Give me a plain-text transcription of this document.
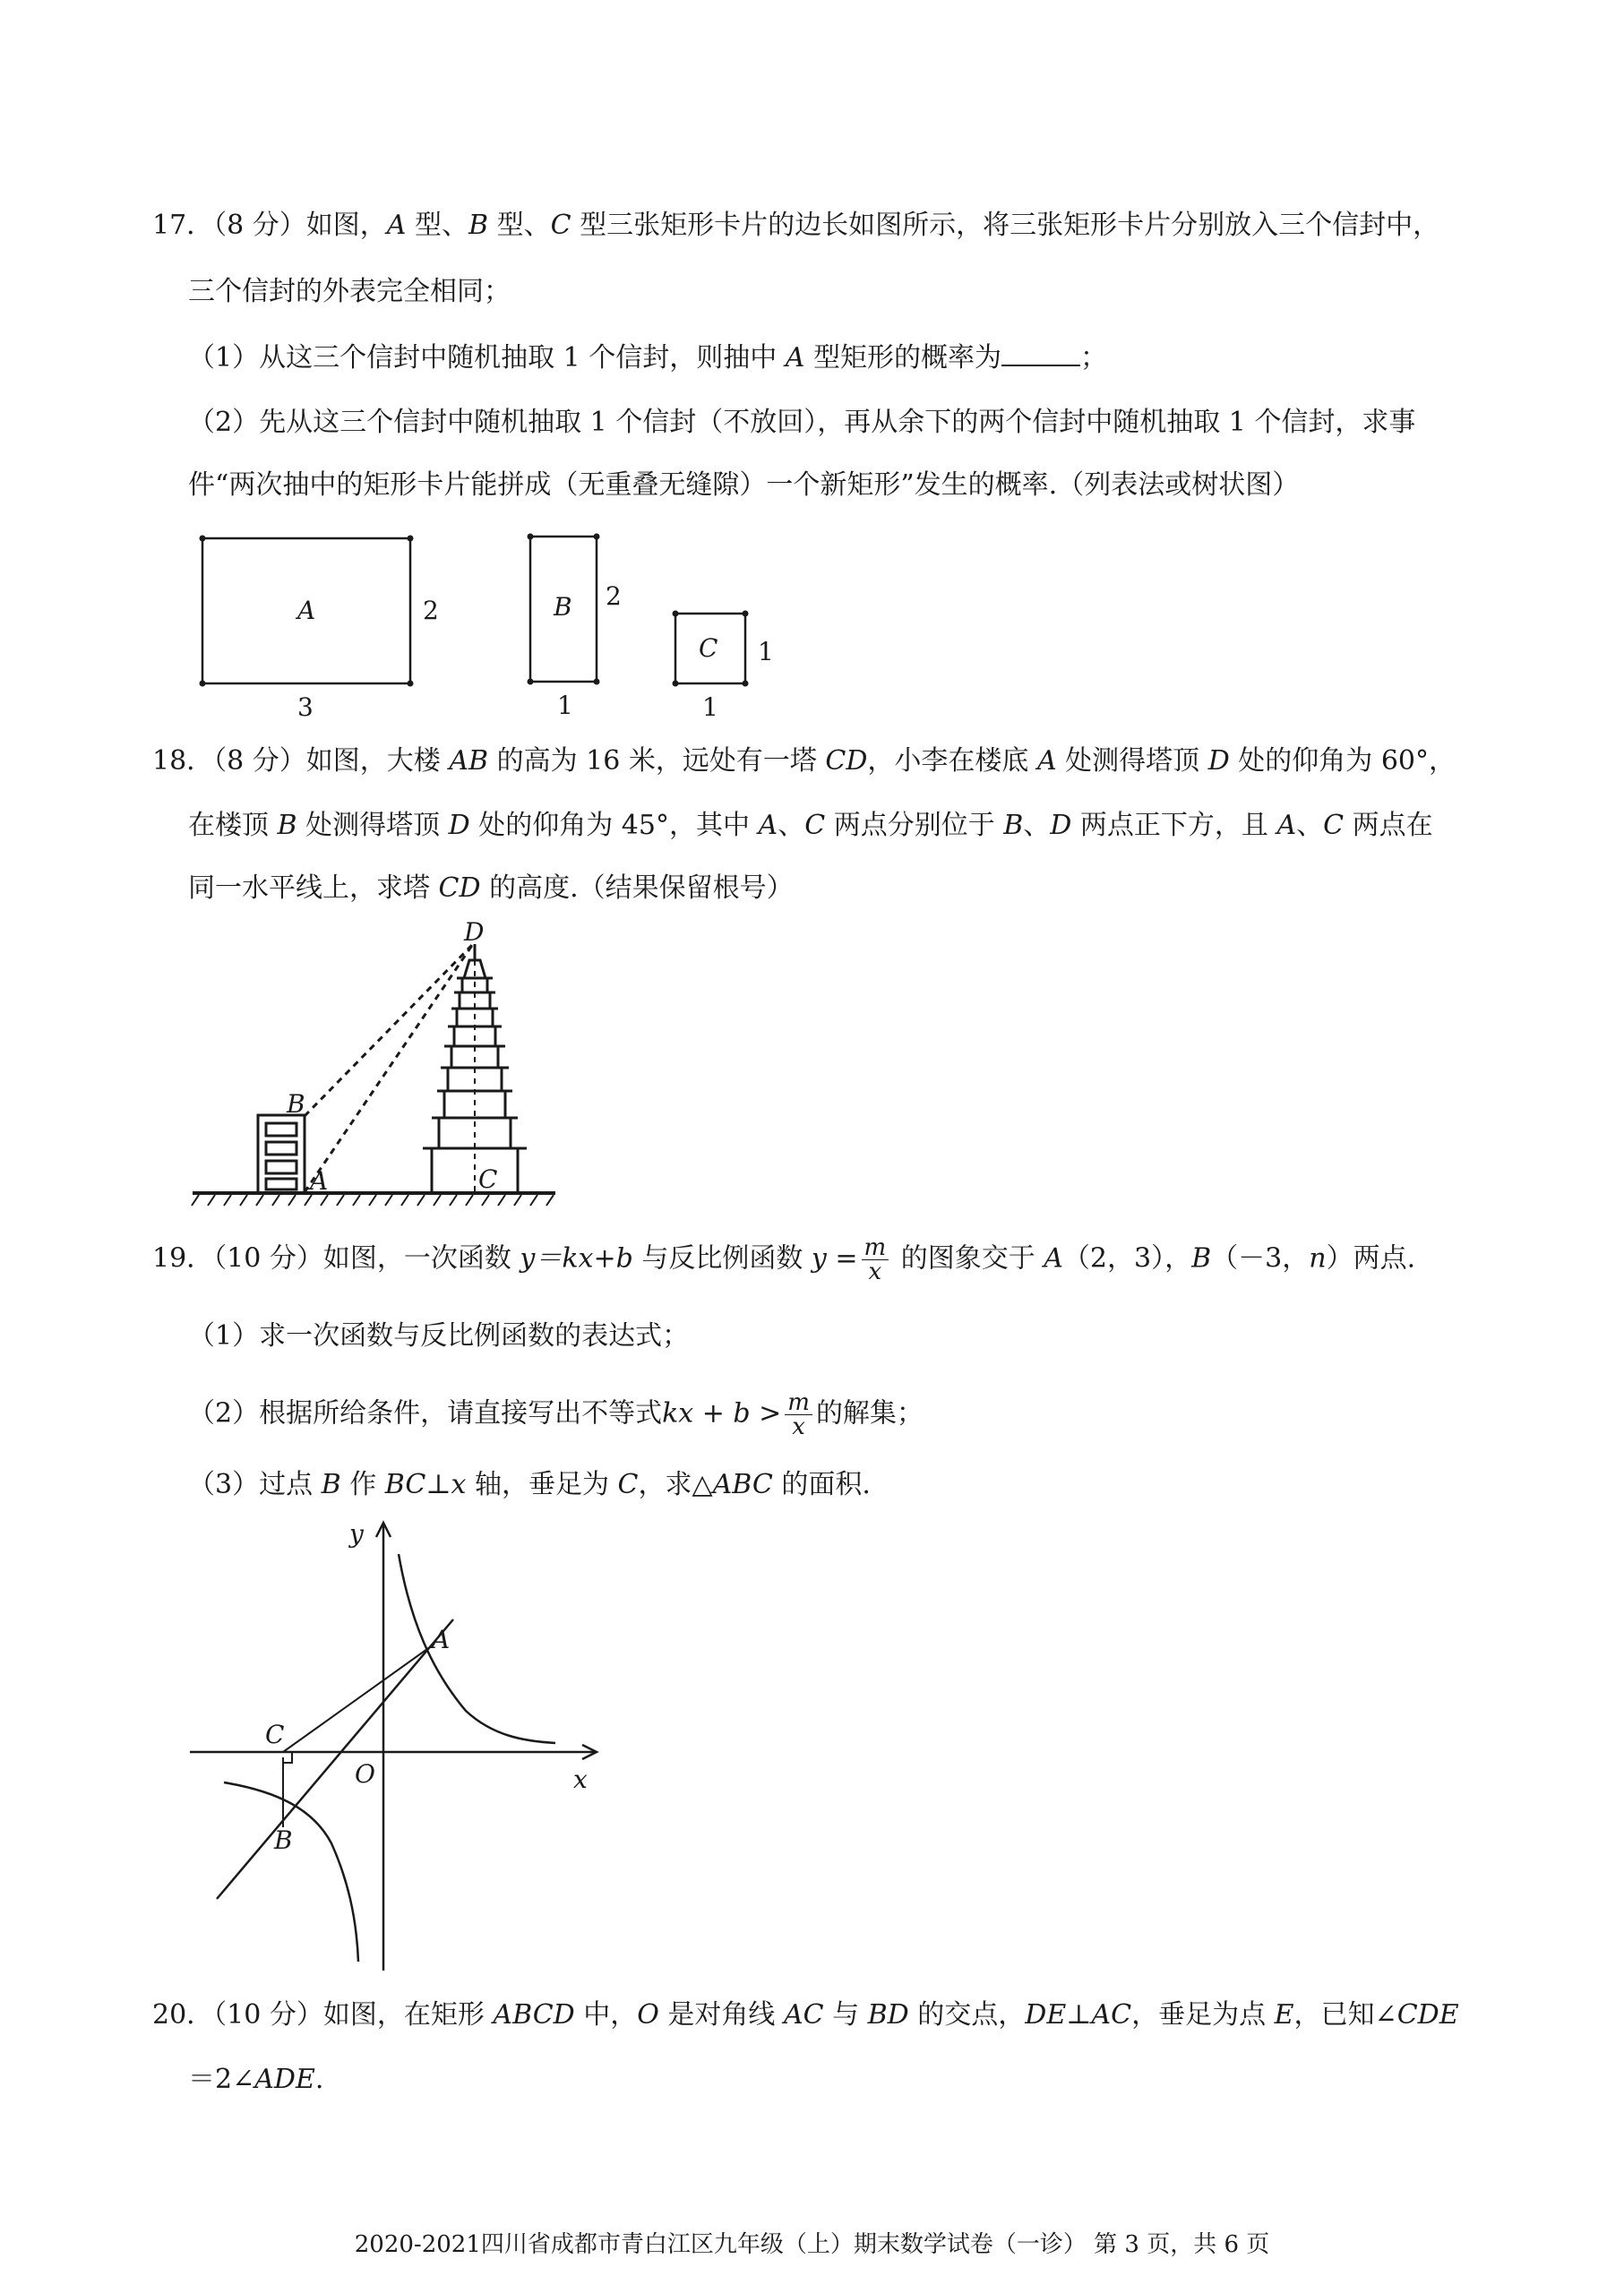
17．（8 分）如图，A 型、B 型、C 型三张矩形卡片的边长如图所示，将三张矩形卡片分别放入三个信封中，
三个信封的外表完全相同；
（1）从这三个信封中随机抽取 1 个信封，则抽中 A 型矩形的概率为	；
（2）先从这三个信封中随机抽取 1 个信封（不放回），再从余下的两个信封中随机抽取 1 个信封，求事
件“两次抽中的矩形卡片能拼成（无重叠无缝隙）一个新矩形”发生的概率.（列表法或树状图）
A	2
3
B 2
1
C 1
1
18．（8 分）如图，大楼 AB 的高为 16 米，远处有一塔 CD，小李在楼底 A 处测得塔顶 D 处的仰角为 60°，
在楼顶 B 处测得塔顶 D 处的仰角为 45°，其中 A、C 两点分别位于 B、D 两点正下方，且 A、C 两点在
同一水平线上，求塔 CD 的高度.（结果保留根号）
D
B
A	C
19．（10 分）如图，一次函数 y＝kx+b 与反比例函数 $y = \frac{m}{x}$ 的图象交于 A（2，3），B（－3，n）两点.
（1）求一次函数与反比例函数的表达式；
（2）根据所给条件，请直接写出不等式kx + $b > \frac{m}{x}$ 的解集；
（3）过点 B 作 BC⊥x 轴，垂足为 C，求△ABC 的面积.
y
x
O
A
B
C
20．（10 分）如图，在矩形 ABCD 中，O 是对角线 AC 与 BD 的交点，DE⊥AC，垂足为点 E，已知∠CDE
＝2∠ADE.
2020-2021四川省成都市青白江区九年级（上）期末数学试卷（一诊） 第 3 页，共 6 页
